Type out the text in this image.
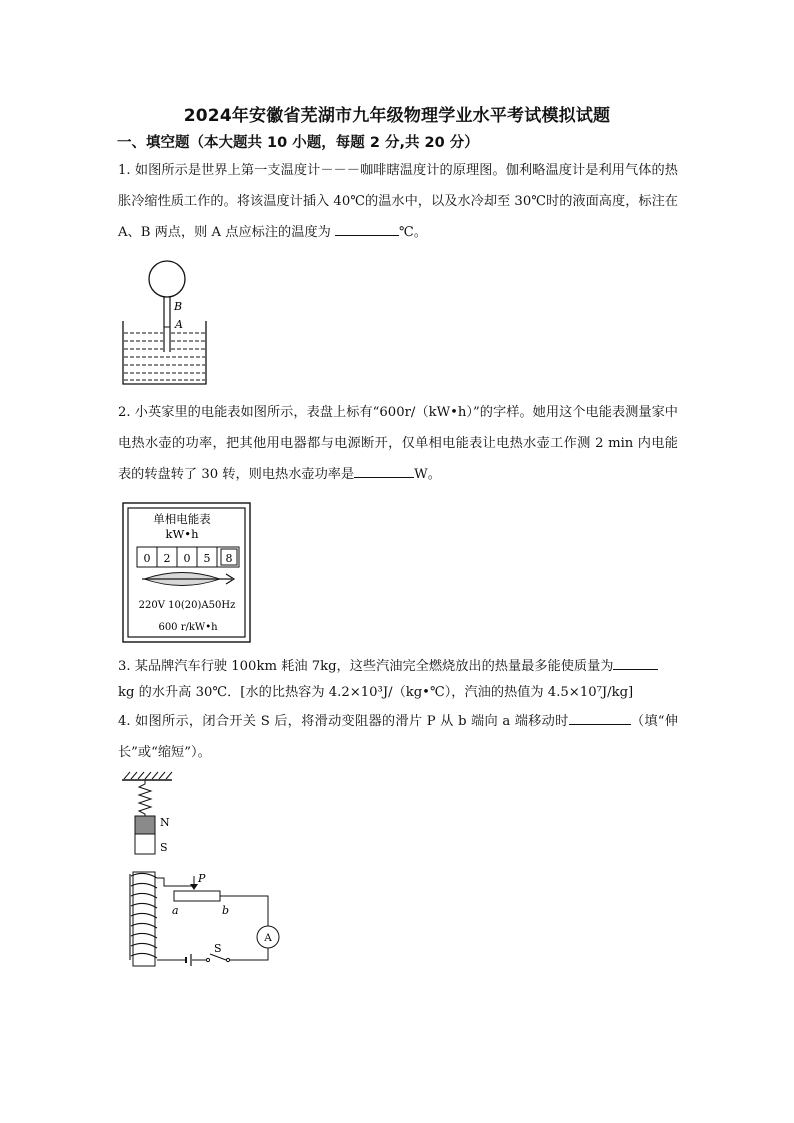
2024年安徽省芜湖市九年级物理学业水平考试模拟试题
一、填空题（本大题共 10 小题，每题 2 分,共 20 分）

1. 如图所示是世界上第一支温度计－－－咖啡瞎温度计的原理图。伽利略温度计是利用气体的热胀冷缩性质工作的。将该温度计插入 40℃的温水中，以及水冷却至 30℃时的液面高度，标注在 A、B 两点，则 A 点应标注的温度为	℃。

B
A

2. 小英家里的电能表如图所示，表盘上标有“600r/（kW•h）”的字样。她用这个电能表测量家中电热水壶的功率，把其他用电器都与电源断开，仅单相电能表让电热水壶工作测 2 min 内电能表的转盘转了 30 转，则电热水壶功率是	W。

单相电能表
kW•h
0 2 0 5 8
220V 10(20)A50Hz
600 r/kW•h

3. 某品牌汽车行驶 100km 耗油 7kg，这些汽油完全燃烧放出的热量最多能使质量为
kg 的水升高 30℃．[水的比热容为 4.2×10³J/（kg•℃），汽油的热值为 4.5×10⁷J/kg]

4. 如图所示，闭合开关 S 后，将滑动变阻器的滑片 P 从 b 端向 a 端移动时	（填“伸长”或“缩短”）。

N
S
P
a	b
A
S
